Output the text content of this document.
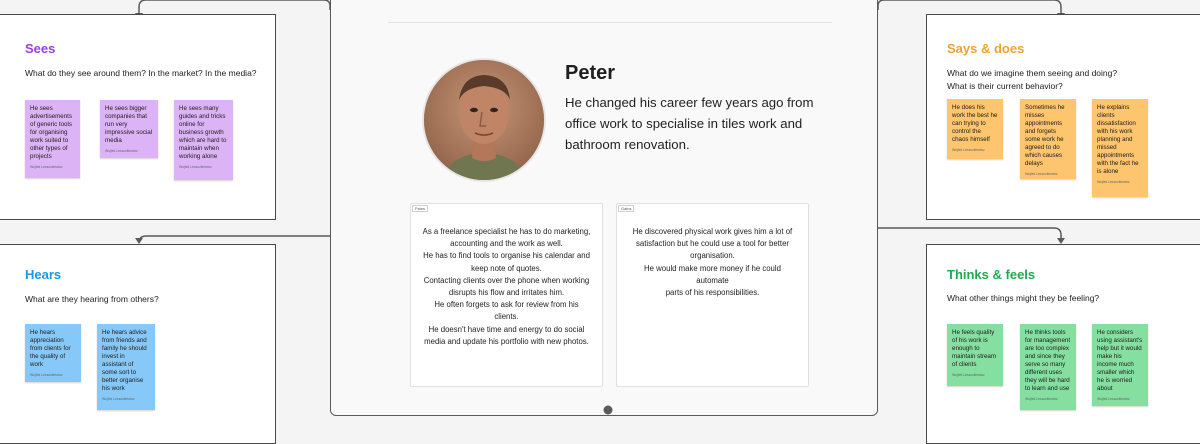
Peter

He changed his career few years ago from office work to specialise in tiles work and bathroom renovation.

Pains

As a freelance specialist he has to do marketing,
accounting and the work as well.
He has to find tools to organise his calendar and
keep note of quotes.
Contacting clients over the phone when working
disrupts his flow and irritates him.
He often forgets to ask for review from his
clients.
He doesn't have time and energy to do social
media and update his portfolio with new photos.

Gains

He discovered physical work gives him a lot of
satisfaction but he could use a tool for better
organisation.
He would make more money if he could automate
parts of his responsibilities.

Sees

What do they see around them? In the market? In the media?

He sees advertisements of generic tools for organising work suited to other types of projects
Wojtek Leszczkiewicz
He sees bigger companies that run very impressive social media
Wojtek Leszczkiewicz
He sees many guides and tricks online for business growth which are hard to maintain when working alone
Wojtek Leszczkiewicz
Hears

What are they hearing from others?

He hears appreciation from clients for the quality of work
Wojtek Leszczkiewicz
He hears advice from friends and family he should invest in assistant of some sort to better organise his work
Wojtek Leszczkiewicz
Says & does

What do we imagine them seeing and doing?
What is their current behavior?

He does his work the best he can trying to control the chaos himself
Wojtek Leszczkiewicz
Sometimes he misses appointments and forgets some work he agreed to do which causes delays
Wojtek Leszczkiewicz
He explains clients dissatisfaction with his work planning and missed appointments with the fact he is alone
Wojtek Leszczkiewicz
Thinks & feels

What other things might they be feeling?

He feels quality of his work is enough to maintain stream of clients
Wojtek Leszczkiewicz
He thinks tools for management are too complex and since they serve so many different uses they will be hard to learn and use
Wojtek Leszczkiewicz
He considers using assistant's help but it would make his income much smaller which he is worried about
Wojtek Leszczkiewicz
